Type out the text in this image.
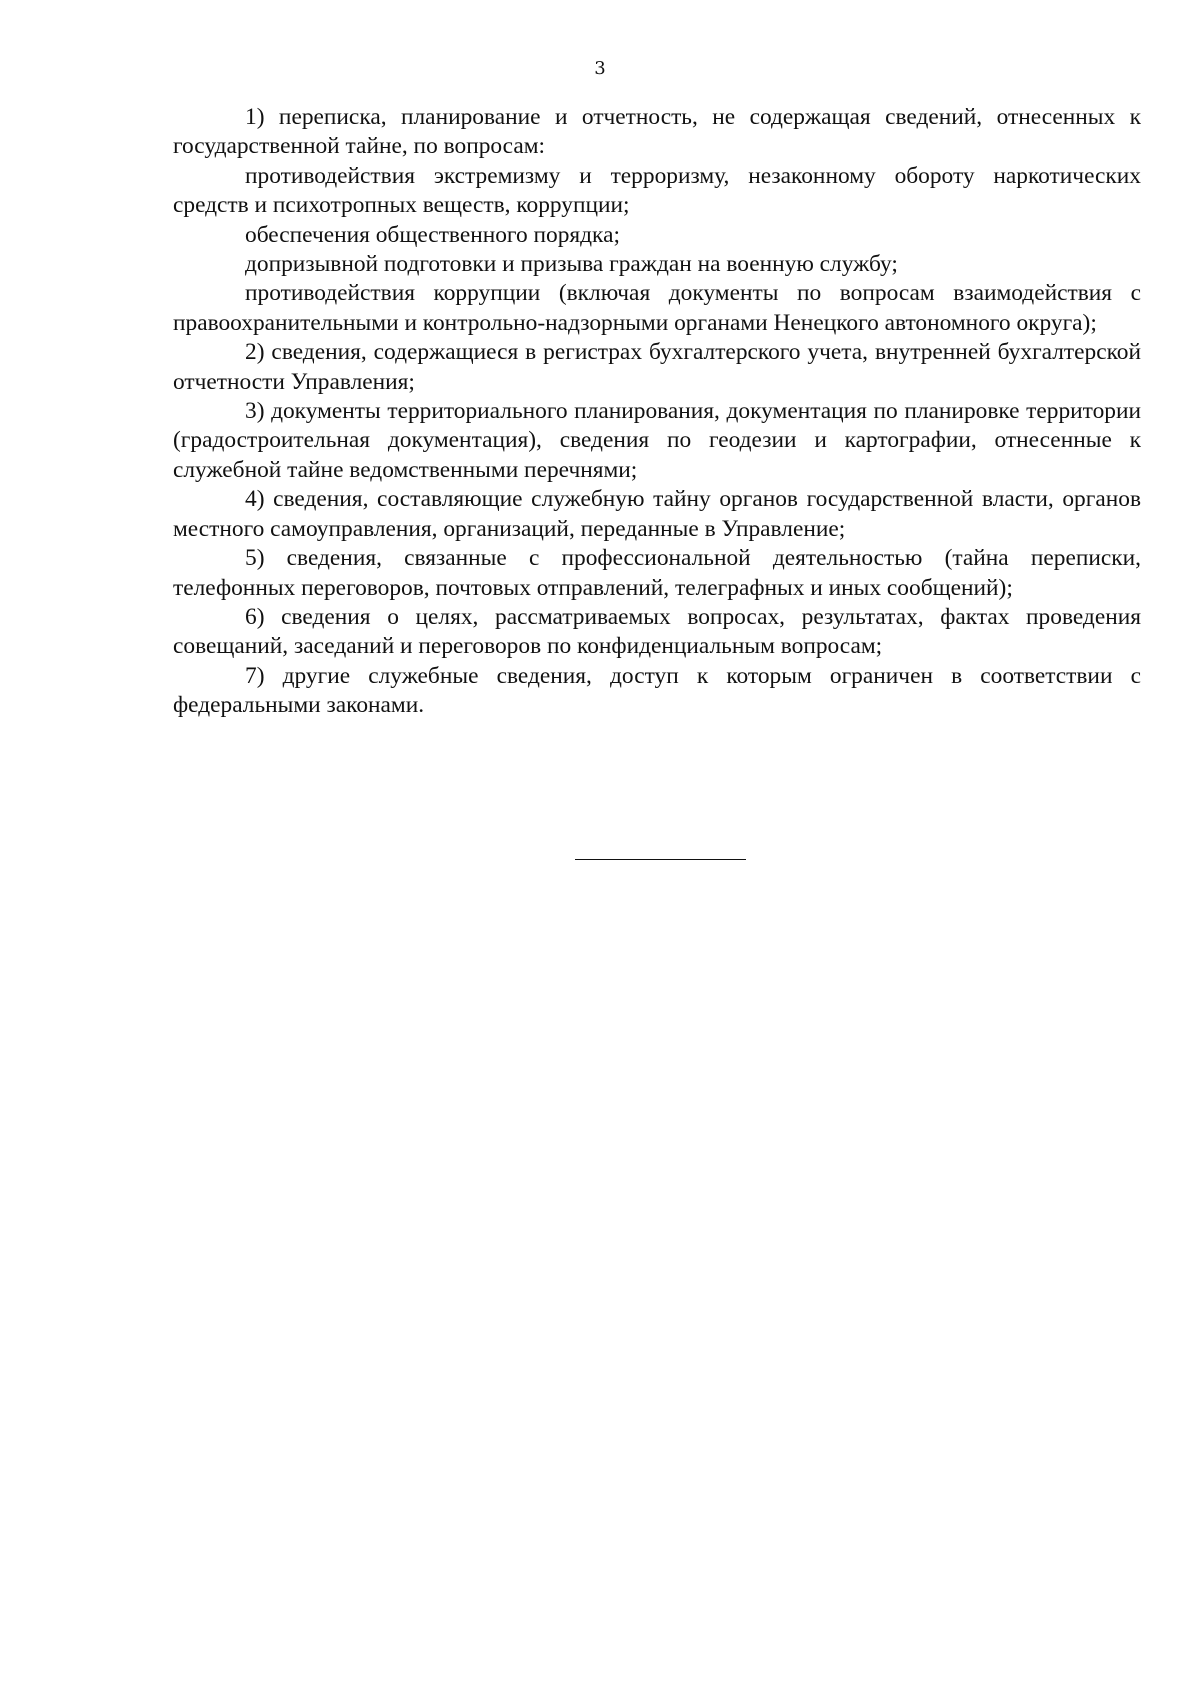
3

1) переписка, планирование и отчетность, не содержащая сведений, отнесенных к государственной тайне, по вопросам:

противодействия экстремизму и терроризму, незаконному обороту наркотических средств и психотропных веществ, коррупции;

обеспечения общественного порядка;

допризывной подготовки и призыва граждан на военную службу;

противодействия коррупции (включая документы по вопросам взаимодействия с правоохранительными и контрольно-надзорными органами Ненецкого автономного округа);

2) сведения, содержащиеся в регистрах бухгалтерского учета, внутренней бухгалтерской отчетности Управления;

3) документы территориального планирования, документация по планировке территории (градостроительная документация), сведения по геодезии и картографии, отнесенные к служебной тайне ведомственными перечнями;

4) сведения, составляющие служебную тайну органов государственной власти, органов местного самоуправления, организаций, переданные в Управление;

5) сведения, связанные с профессиональной деятельностью (тайна переписки, телефонных переговоров, почтовых отправлений, телеграфных и иных сообщений);

6) сведения о целях, рассматриваемых вопросах, результатах, фактах проведения совещаний, заседаний и переговоров по конфиденциальным вопросам;

7) другие служебные сведения, доступ к которым ограничен в соответствии с федеральными законами.
